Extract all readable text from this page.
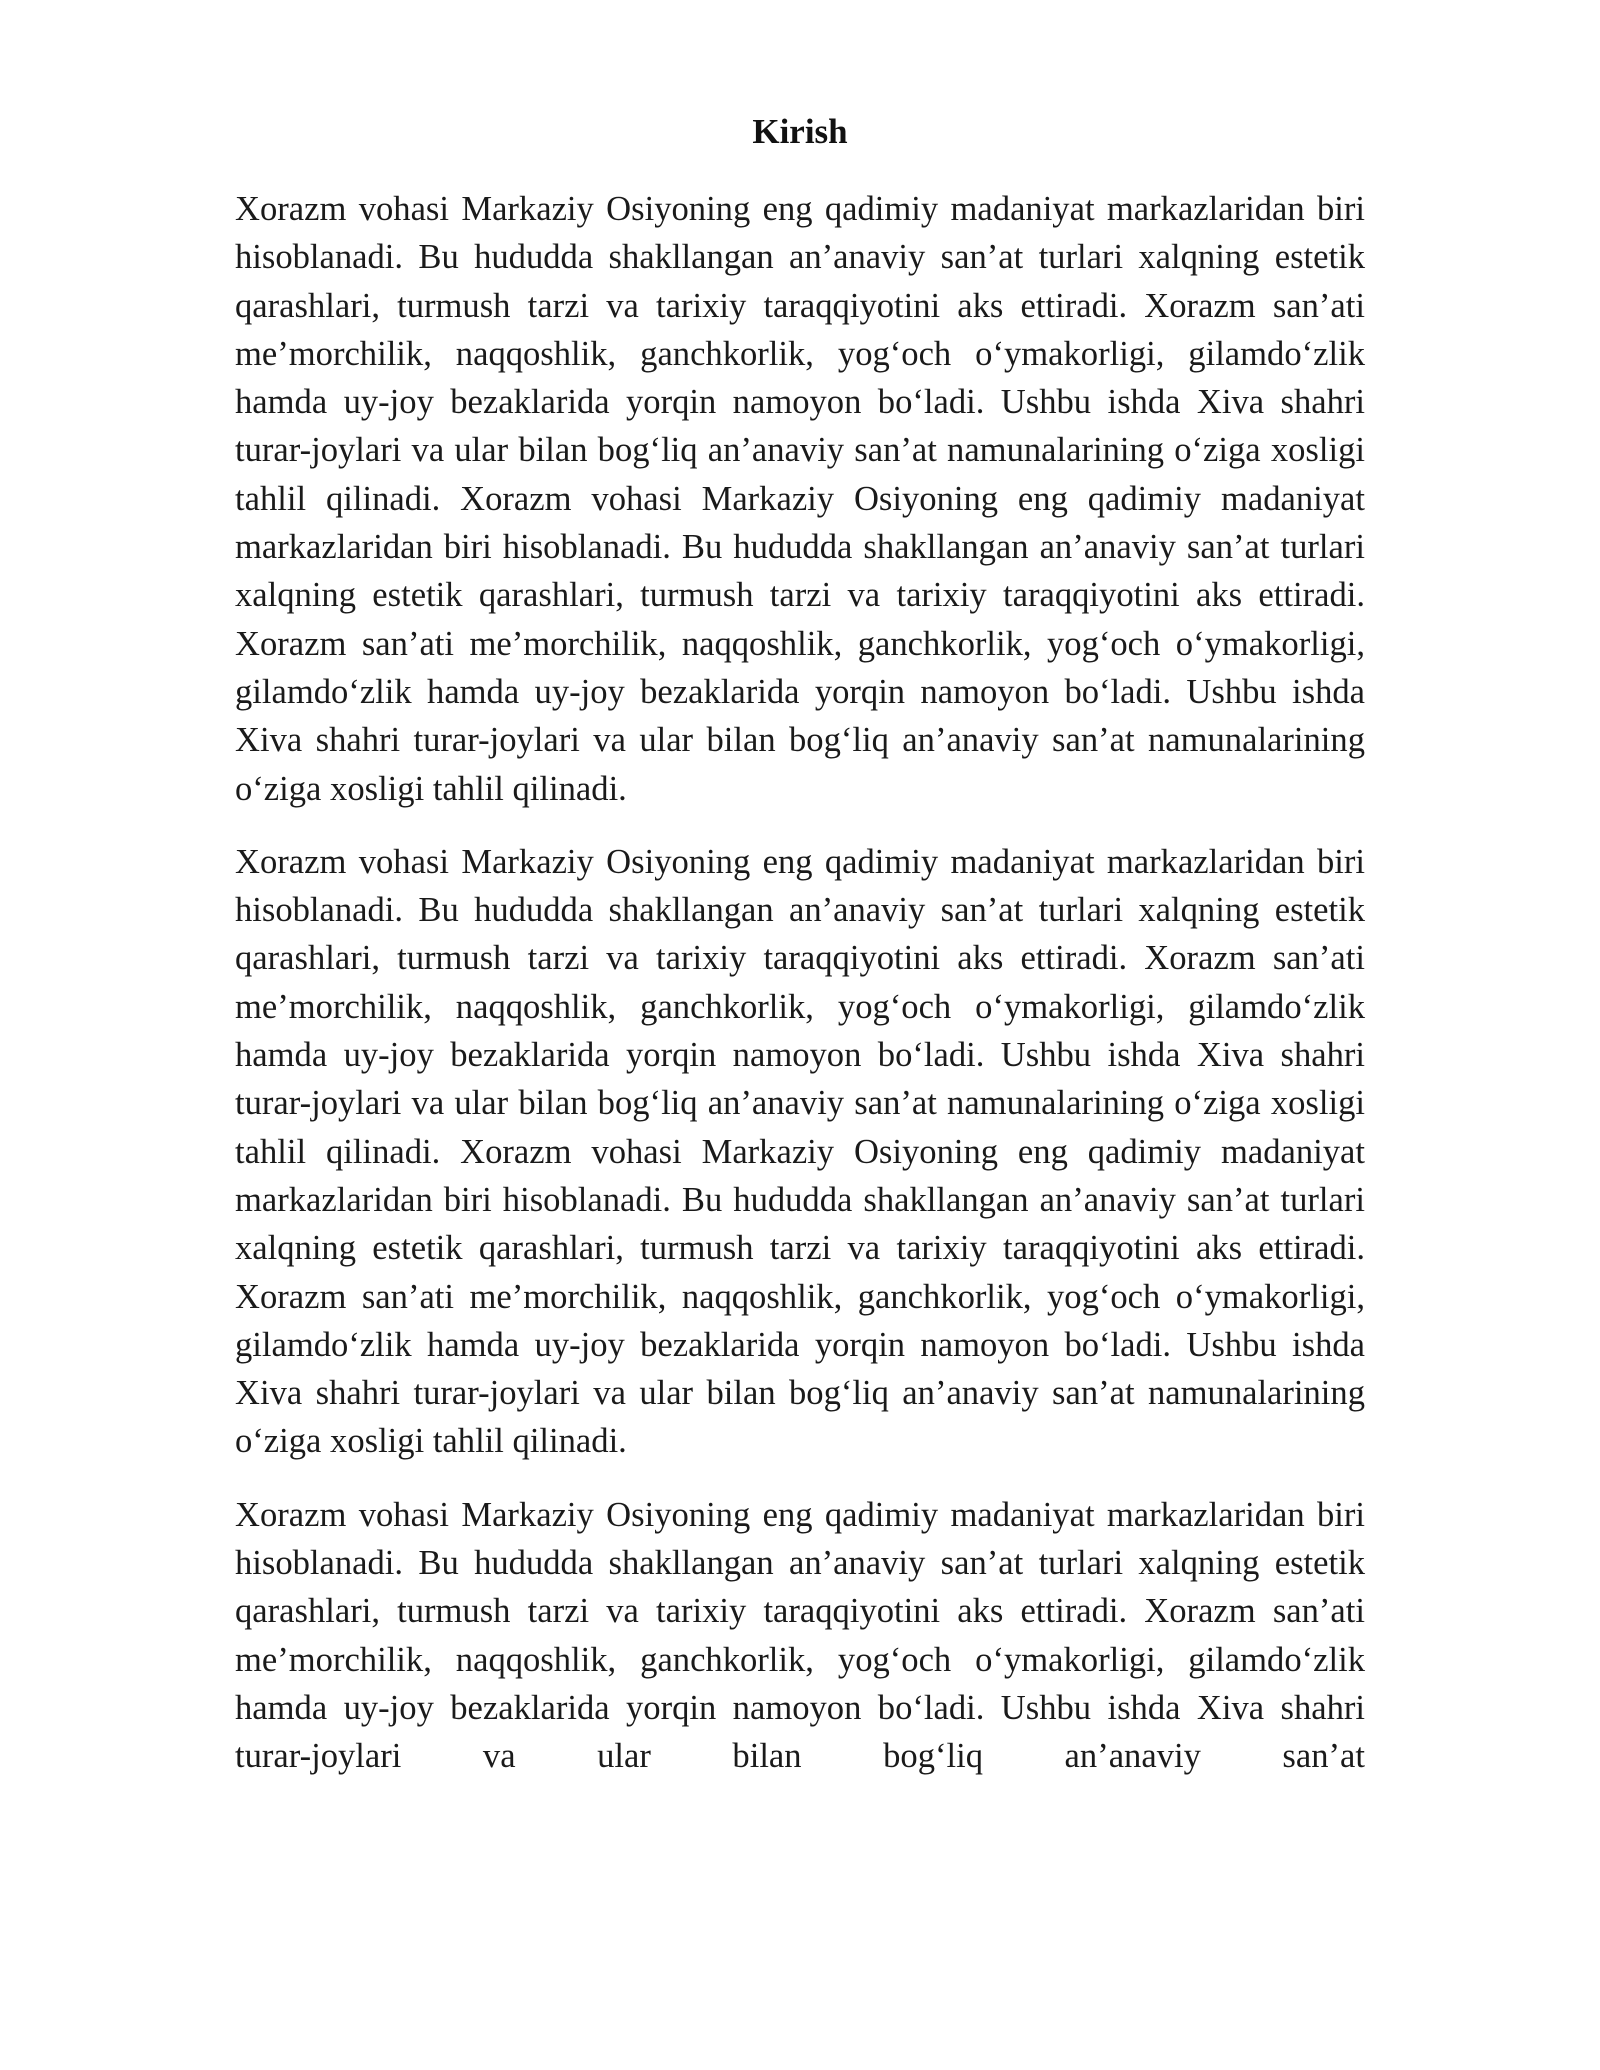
Kirish

Xorazm vohasi Markaziy Osiyoning eng qadimiy madaniyat markazlaridan biri hisoblanadi. Bu hududda shakllangan an’anaviy san’at turlari xalqning estetik qarashlari, turmush tarzi va tarixiy taraqqiyotini aks ettiradi. Xorazm san’ati me’morchilik, naqqoshlik, ganchkorlik, yog‘och o‘ymakorligi, gilamdo‘zlik hamda uy-joy bezaklarida yorqin namoyon bo‘ladi. Ushbu ishda Xiva shahri turar-joylari va ular bilan bog‘liq an’anaviy san’at namunalarining o‘ziga xosligi tahlil qilinadi. Xorazm vohasi Markaziy Osiyoning eng qadimiy madaniyat markazlaridan biri hisoblanadi. Bu hududda shakllangan an’anaviy san’at turlari xalqning estetik qarashlari, turmush tarzi va tarixiy taraqqiyotini aks ettiradi. Xorazm san’ati me’morchilik, naqqoshlik, ganchkorlik, yog‘och o‘ymakorligi, gilamdo‘zlik hamda uy-joy bezaklarida yorqin namoyon bo‘ladi. Ushbu ishda Xiva shahri turar-joylari va ular bilan bog‘liq an’anaviy san’at namunalarining o‘ziga xosligi tahlil qilinadi.

Xorazm vohasi Markaziy Osiyoning eng qadimiy madaniyat markazlaridan biri hisoblanadi. Bu hududda shakllangan an’anaviy san’at turlari xalqning estetik qarashlari, turmush tarzi va tarixiy taraqqiyotini aks ettiradi. Xorazm san’ati me’morchilik, naqqoshlik, ganchkorlik, yog‘och o‘ymakorligi, gilamdo‘zlik hamda uy-joy bezaklarida yorqin namoyon bo‘ladi. Ushbu ishda Xiva shahri turar-joylari va ular bilan bog‘liq an’anaviy san’at namunalarining o‘ziga xosligi tahlil qilinadi. Xorazm vohasi Markaziy Osiyoning eng qadimiy madaniyat markazlaridan biri hisoblanadi. Bu hududda shakllangan an’anaviy san’at turlari xalqning estetik qarashlari, turmush tarzi va tarixiy taraqqiyotini aks ettiradi. Xorazm san’ati me’morchilik, naqqoshlik, ganchkorlik, yog‘och o‘ymakorligi, gilamdo‘zlik hamda uy-joy bezaklarida yorqin namoyon bo‘ladi. Ushbu ishda Xiva shahri turar-joylari va ular bilan bog‘liq an’anaviy san’at namunalarining o‘ziga xosligi tahlil qilinadi.

Xorazm vohasi Markaziy Osiyoning eng qadimiy madaniyat markazlaridan biri hisoblanadi. Bu hududda shakllangan an’anaviy san’at turlari xalqning estetik qarashlari, turmush tarzi va tarixiy taraqqiyotini aks ettiradi. Xorazm san’ati me’morchilik, naqqoshlik, ganchkorlik, yog‘och o‘ymakorligi, gilamdo‘zlik hamda uy-joy bezaklarida yorqin namoyon bo‘ladi. Ushbu ishda Xiva shahri turar-joylari va ular bilan bog‘liq an’anaviy san’at
